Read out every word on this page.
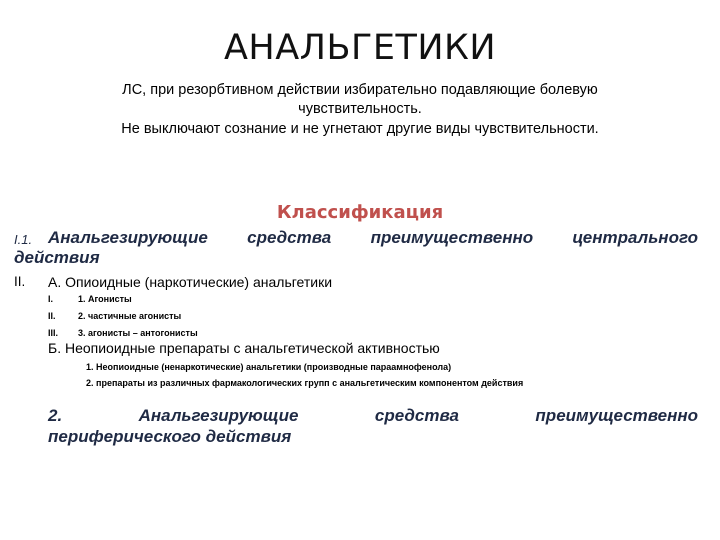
АНАЛЬГЕТИКИ
ЛС, при резорбтивном действии избирательно подавляющие болевую
чувствительность.
Не выключают сознание и не угнетают другие виды чувствительности.
Классификация
I.1. Анальгезирующие средства преимущественно центрального
действия
II. А. Опиоидные (наркотические) анальгетики
I.	1. Агонисты
II. 2. частичные агонисты
III. 3. агонисты – антогонисты
Б. Неопиоидные препараты с анальгетической активностью
1. Неопиоидные (ненаркотические) анальгетики (производные параамнофенола)
2. препараты из различных фармакологических групп с анальгетическим компонентом действия
2.	Анальгезирующие	средства	преимущественно
периферического действия
